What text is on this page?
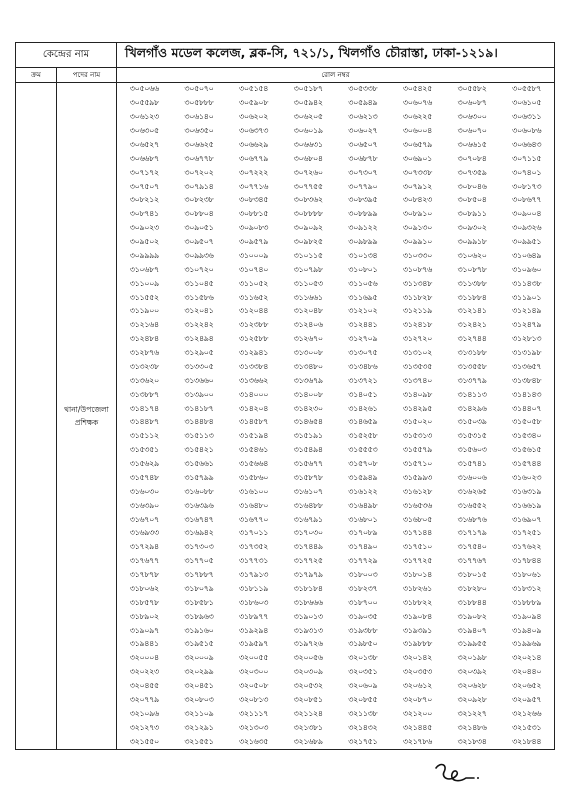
কেন্দ্রের নাম	খিলগাঁও মডেল কলেজ, ব্লক-সি, ৭২১/১, খিলগাঁও চৌরাস্তা, ঢাকা-১২১৯।
ক্রম	পদের নাম	রোল নম্বর
থানা/উপজেলা
প্রশিক্ষক
৩০৫০৬৬	৩০৫০৭০	৩০৫১৫৪	৩০৫১৮৭	৩০৫৩৩৮	৩০৫৪২৫	৩০৫৫৮২	৩০৫৫৮৭
৩০৫৫৯৮	৩০৫৮৮৮	৩০৫৯০৮	৩০৫৯৪২	৩০৫৯৪৯	৩০৬০৭৬	৩০৬০৮৭	৩০৬১০৫
৩০৬১২৩	৩০৬১৪০	৩০৬২০২	৩০৬২০৫	৩০৬২১৩	৩০৬২২৫	৩০৬৩০০	৩০৬৩১১
৩০৬৩০৫	৩০৬৩৫০	৩০৬৩৭৩	৩০৬০১৯	৩০৬০২৭	৩০৬০০৪	৩০৬০৭০	৩০৬০৮৬
৩০৬৫২৭	৩০৬৬২৫	৩০৬৬২৯	৩০৬৬৩১	৩০৬৫০৭	৩০৬৫৭৯	৩০৬৬১৫	৩০৬৬৪৩
৩০৬৬৮৭	৩০৬৭৭৮	৩০৬৭৭৯	৩০৬৮০৪	৩০৬৮৭৮	৩০৬৯০১	৩০৭০৮৪	৩০৭১১৫
৩০৭১৭২	৩০৭২০২	৩০৭২২২	৩০৭২৬০	৩০৭৩০৭	৩০৭৩৩৮	৩০৭৩৫৯	৩০৭৪০১
৩০৭৫০৭	৩০৭৯১৪	৩০৭৭১৬	৩০৭৭৫৫	৩০৭৭৯০	৩০৭৯১২	৩০৮০৪৬	৩০৮১৭৩
৩০৮২১২	৩০৮২৩৮	৩০৮৩৪৫	৩০৮৩৬২	৩০৮৩৯৫	৩০৮৪২৩	৩০৮৫০৪	৩০৮৬৭৭
৩০৮৭৪১	৩০৮৮০৪	৩০৮৮১৫	৩০৮৮৮৮	৩০৮৮৯৯	৩০৮৯১০	৩০৮৯১১	৩০৯০০৪
৩০৯০২৩	৩০৯০৫১	৩০৯০৮৩	৩০৯০৯২	৩০৯১২২	৩০৯১৩০	৩০৯৩০২	৩০৯৩২৬
৩০৯৫০২	৩০৯৫০৭	৩০৯৫৭৯	৩০৯৮২৫	৩০৯৮৯৯	৩০৯৯১০	৩০৯৯১৮	৩০৯৯৫১
৩০৯৯৯৯	৩০৯৯৩৬	৩১০০০৯	৩১০১১৫	৩১০১৩৪	৩১০৩৩০	৩১০৬২০	৩১০৬৪৯
৩১০৬৮৭	৩১০৭২০	৩১০৭৪০	৩১০৭৯৮	৩১০৮০১	৩১০৮৭৬	৩১০৮৭৮	৩১০৯৬০
৩১১০০৯	৩১১০৪৫	৩১১০৫২	৩১১০৫৩	৩১১০৫৬	৩১১৩৪৮	৩১১৩৮৮	৩১১৪৩৮
৩১১৫৫২	৩১১৫৮৬	৩১১৬৫২	৩১১৬৬১	৩১১৬৯৫	৩১১৮২৮	৩১১৮৮৪	৩১১৯০১
৩১১৯০০	৩১২০৪১	৩১২০৪৪	৩১২০৪৮	৩১২১০২	৩১২১১৯	৩১২১৪১	৩১২১৪৯
৩১২১৬৪	৩১২২৪২	৩১২৩৮৮	৩১২৪০৬	৩১২৪৪১	৩১২৪১৮	৩১২৪২১	৩১২৪৭৯
৩১২৪৮৪	৩১২৪৯৪	৩১২৫৮৮	৩১২৬৭০	৩১২৭০৯	৩১২৭২০	৩১২৭৪৪	৩১২৮১৩
৩১২৮৭৬	৩১২৯০৫	৩১২৯৪১	৩১৩০০৮	৩১৩০৭৫	৩১৩১০২	৩১৩১৮৮	৩১৩১৯৮
৩১৩২৩৮	৩১৩৩০৫	৩১৩৩৮৪	৩১৩৪৮০	৩১৩৪৮৬	৩১৩৫৩৫	৩১৩৫৫৮	৩১৩৬৫৭
৩১৩৬২০	৩১৩৬৬০	৩১৩৬৬২	৩১৩৬৭৯	৩১৩৭২১	৩১৩৭৪০	৩১৩৭৭৯	৩১৩৮৪৮
৩১৩৮৮৭	৩১৩৯০০	৩১৪০০০	৩১৪০০৮	৩১৪০৫১	৩১৪০৯৮	৩১৪১১৩	৩১৪১৪৩
৩১৪১৭৪	৩১৪১৮৭	৩১৪২০৪	৩১৪২৩০	৩১৪২৬১	৩১৪২৯৫	৩১৪২৯৬	৩১৪৪০৭
৩১৪৪৮৭	৩১৪৪৮৪	৩১৪৫৮৭	৩১৪৬৫৪	৩১৪৬৫৯	৩১৫০২০	৩১৫০৩৯	৩১৫০৫৮
৩১৫১১২	৩১৫১১৩	৩১৫১৯৪	৩১৫১৯১	৩১৫২৫৮	৩১৫৩১৩	৩১৫৩১৫	৩১৫৩৪০
৩১৫৩৫১	৩১৫৪২১	৩১৫৪৬১	৩১৫৪৯৪	৩১৫৫৫৩	৩১৫৫৭৯	৩১৫৬০৩	৩১৫৬১৫
৩১৫৬২৯	৩১৫৬৬১	৩১৫৬৬৪	৩১৫৬৭৭	৩১৫৭০৮	৩১৫৭১০	৩১৫৭৪১	৩১৫৭৪৪
৩১৫৭৪৮	৩১৫৭৯৯	৩১৫৮৬০	৩১৫৮৭৮	৩১৫৯৪৯	৩১৫৯৯৩	৩১৬০০৬	৩১৬০২৩
৩১৬০৩০	৩১৬০৮৮	৩১৬১০০	৩১৬১০৭	৩১৬১২২	৩১৬১২৮	৩১৬২৬৫	৩১৬৩১৯
৩১৬৩৯০	৩১৬৩৯৬	৩১৬৪৮০	৩১৬৪৮৮	৩১৬৪৯৮	৩১৬৫৩৬	৩১৬৫৫২	৩১৬৬১৯
৩১৬৭০৭	৩১৬৭৪৭	৩১৬৭৭০	৩১৬৭৯১	৩১৬৮০১	৩১৬৮০৫	৩১৬৮৭৬	৩১৬৯০৭
৩১৬৯৩৩	৩১৬৯৪২	৩১৭০১১	৩১৭০৩০	৩১৭০৮৯	৩১৭১৪৪	৩১৭১৭৯	৩১৭২৫১
৩১৭২৯৪	৩১৭৩০৩	৩১৭৩৫২	৩১৭৪৪৯	৩১৭৪৯০	৩১৭৫১০	৩১৭৫৪০	৩১৭৬২২
৩১৭৬৭৭	৩১৭৭০৫	৩১৭৭৩১	৩১৭৭২৫	৩১৭৭২৯	৩১৭৭২৫	৩১৭৭৬৭	৩১৭৮৪৪
৩১৭৮৭৮	৩১৭৮৮৭	৩১৭৯১৩	৩১৭৯৭৯	৩১৮০০৩	৩১৮০১৪	৩১৮০১৫	৩১৮০৬১
৩১৮০৬২	৩১৮০৭৯	৩১৮১১৯	৩১৮১৮৪	৩১৮২৩৭	৩১৮২৬১	৩১৮২৮০	৩১৮৩১২
৩১৮৫৭৮	৩১৮৫৮১	৩১৮৬০৩	৩১৮৬৬৬	৩১৮৭০০	৩১৮৮২২	৩১৮৮৪৪	৩১৮৮৮৯
৩১৮৯০২	৩১৮৯৬৩	৩১৮৯৭৭	৩১৯০১৩	৩১৯০৩৫	৩১৯০৮৪	৩১৯০৮২	৩১৯০৯৪
৩১৯০৯৭	৩১৯১৬০	৩১৯২৯৪	৩১৯৩১৩	৩১৯৩৮৮	৩১৯৩৯১	৩১৯৪০৭	৩১৯৪০৯
৩১৯৪৪১	৩১৯৫১৫	৩১৯৫৯৭	৩১৯৭২৬	৩১৯৮৫০	৩১৯৮৮৮	৩১৯৯৫৫	৩১৯৯৬৯
৩২০০০৪	৩২০০০৯	৩২০০৫৫	৩২০০৫৬	৩২০১৩৮	৩২০১৪২	৩২০১৯৮	৩২০২১৪
৩২০২২৩	৩২০২৯৯	৩২০৩০০	৩২০৩০৯	৩২০৩৫১	৩২০৩৫৩	৩২০৩৯২	৩২০৪৪০
৩২০৪৫৫	৩২০৪৫১	৩২০৫০৮	৩২০৫৩২	৩২০৬০৯	৩২০৬১২	৩২০৬২৮	৩২০৬৫২
৩২০৭৭৯	৩২০৮০৩	৩২০৮১৩	৩২০৮৫১	৩২০৮৫৫	৩২০৮৭০	৩২০৯২৮	৩২০৯৫৭
৩২১০৯৬	৩২১১০৯	৩২১১১৭	৩২১১২৪	৩২১১৩৮	৩২১২০০	৩২১২২৭	৩২১২৬৬
৩২১২৭৩	৩২১২৯১	৩২১৩০৩	৩২১৩৮১	৩২১৪৩২	৩২১৪৪৫	৩২১৪৮৬	৩২১৫৩১
৩২১৫৫০	৩২১৫৫১	৩২১৬৩৫	৩২১৬৮৯	৩২১৭৫১	৩২১৭৮৬	৩২১৮৩৪	৩২১৮৪৪
